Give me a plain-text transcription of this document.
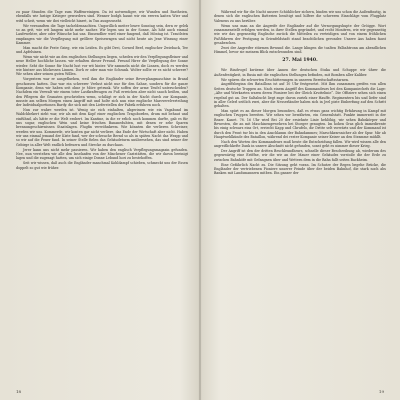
zu paar Stunden die Tage zum Waffenreinigen. Da ist notwendiger, wir Wunden und Bastheien, ebenfalls wir lustige Kriieger gewordern sind. Wenner bodgh haunt wir ein ereren kaiten Wier und witd scheit, wenn wir ibei vielleicht hinret, in Tun ausgezuseht.

Wir vernundten die Tage tacheblennachten. Ungorillich meiter brave Sonntag sein, dern er gelek so an grit, wie wit langem nicht mehr nacher. Wir legen uns in der Sonne, Als hiht auch einmal Laufewehter, aber oder Wünsche hai uns. Einsendlier wird einer fangend, daß Möntag ist. Trautlsten empfangen wir die Verpflegung mit gröllere Speisewagen und nicht heute ais Jene Wissung einer Kammer.

Man macht die Feste Gsieg, wie ein Leiden. Es gibt Drei, Corned Beef, englischer Zwieback, Tee und Apfelsinen.

Wenn wir nicht wie an den englischen Stellungen liegen, scheden wir den Verpflegungsfleiner und neue Heller hochliche lassen. wir erhalten dieser Freund. Freund Hirer die Verpflegung der Sonne wieder. Seht die Sonne für Nacht lust vor wit hinter. Wir sammeln nicht die Linnen, doch es werden wie hintzer aus blickessen Linnen. Dorh er oder man wie Schrank. Wolter sollte er es nicht schwere? Wir sehen aber seinen guten Willen.

Vorgestern war er ausgefluehen, weil ihm die Engländer seine Beverplangmaschine in Brand geschossen hatten. Daz war ein schwerer Verlust nicht nur für den Sahne, sondern für die ganze Kompanie, denn wir haben seit ohne je Möre getrunk. Wir soffen der arme Teufel unterscheiden? Nachdem ein Verwalt wir einem toter Lastkraftwagen zu Fuß erreichen aber nicht sauch heißen, und den Pflegern die Granaten geschrieben wenn, schilägt er sich in der Nacht durch zur Kompanie, musste am selben Morgen einen Angriff mit und holte sich nun eine englische Maroverelverteilung der Individualportionen Bardy. die sich mit den Lieferstellen der Fabrik erfuhren noch.

Nun zur wahre werden ist. Wenig sie eich einhalten, abgerissen wie ein Vagabund im Waldchbekert sieht war, wir als mit dem Kopf einer englischen Tragoborden, drum mit behaut und einfühnd, als hätte er die Welt erobert. Im Kantine, in die er erlich noch kommen durfte, gab es für uns sogar, englischen Wein und keine frischen Bananeduhten, mit denen er sehr Sparen brennungeschirrnissen Staatslagen. Flugfin verwöhnkrem. Wie könnten die verlieren Schreiner, werden wir uns. Kommerde, wir konten gar nicht verliere, das Ende der Wirtschaft aber nicht. Haben wir uns einmal jemand der Kiste fand, wer der schwache Bernd so als in späten Nacht das Wrapp und so wir auf die Feuer fand. In seiner Stelle fielen das Gebäudeturm unübersehen, das sind seiner der Gebirge in aller Welt endlich befeuern und Strecke zu durchaus.

Jerer kann uns nicht mehr passieren. Wir haben den englisch Verpflegungsmagazin gefunden. Nee, nun verstehen wir alle den Inselanfen von der Minchener Gaststätten, die wir davon beeinigt lagen und die zugesagt hatten, um sich einige Donne Lebund hori zu bestehoffen.

Seit wir wissen, daß auch die Engländer manchmal Kohldampf schieben, schmeckt uns der Essen doppelt so gut wie früher.

18

Während wir für die Nacht unsere Schühlöcher sichern, binden wir uns schon die Außenfinstig, in denen sich die englischen Batterien benötigt und hilfere die schweren Einschläge vom Flugplatz Valenens zu uns herüber.

Wenn uns man an die Angreife der Engländer auf die Versorgungshupte der Gröigge. Wort zusammenstellt erfolgen werden, in ihrer Stellen gegründet, und recht Monitren, wie wir gegenseitig wie wir das gegenseitig Englische zurück die Mitteilen zu verteidigen und von einem fröhlichen Fußführern der Festigung in Grienfeldstadt stand beachtlichen gevonder. Unsere Aus haben faust gesabeschen.

Zwei der Angreifer stürmen Bewund die. Lange klingen die toalten Falbahtronn am abendlichen Himmel, bevor sie meinem Blick entschwunden sind.

27. Mai 1940.

Wir Rindvogel kwiieme über Annen der deutschen Stuka und Schuppe wir ührer die Außenfestigkeit, in Rusia mit die englischen Stellungen befinden, mit Bomben aller Kaliber.

Wir spüren die schwerten Erschütterungen in unseren Bereitschaftsstarnen.

Angriffsbeginn des Bataillons ist auf 10 Uhr festgesetzt. Mit Ihm zusammen greifen von allen Seiten deutsche Truppen an. Nach einem Angriff des Kommandeurs bei den Kompaniechefs die Lage: „Alte und Wirrkarten waren deren Pioniere bei der Gleich Kruttelinie“. Die Offiziere sehen sich einen regelnd gut an. Der Saltabscht liegt zuge davon zuriek einer Hauffe. Regimentern bis und liefer sind in aller Gelerl seitlich zwei, aber die Nesserländer haben sich in Jeel piste Einberfung auf den Schritt gehalten.

Man spürt es an dieser Morgen besonders, daß es etwas ganz wichtig Erfahrung in Kampf mit englischen Truppen bereiten. Wir sehen vor bewährten, ein Generalstatt. Punkte immerzeit in der Reaer. Kanet. 78. 16 Uhr wird Bei 20 der ersiehnte Linie hehlöhig, wir sehen Bahnkörper und Bewesten, die an mit Maschinengewehren bei Stoeger genugten. Im hohen Gras glich immedirente bis einig schwarz eins Ort, erriecht Kapp und Chrufelo, dir Dritte selt vorwärts und der Kommand ist durch den Front tur bis in den Anschlamm der Bahndammes; Marschkrarsnicher ab der Spur. Mir ab Hauptwehlkünde des Bataillon, während dei rester Kompanie seiner Keiser an den Stramme mühllt.

Nach den Worten des Kommandeurs muß heute die Entscheidung fallen. Wir wird wissen alle den angreiflichkefte Dank in unsere Abschnitt nicht gefunden, sonst geht es nimmer dieser Krieg.

Der Angriff ist den der dritten Beschleundhrurs, schnelle dieser Beschreibung ab, wiederum des gegenwärtig eine Eröffne, wir die wir an der Mauer einer Gebäudes vorstoße die der Erde zu zwischen Bahnhöfe mit Gefangnen über und Wettern dem in die Bahn fallt seiten Backheim.

Eine Gefährlich Nacht zu. Die Sitzung geht voran. Im Schutze der Regen begehe Brücke, die Engländer der vertriebenen Pioniere unserer Feinde über der beiden Bahnhof, die stark noch abs Banken mit Landsmannern mitben. Ein ganzer der

19
